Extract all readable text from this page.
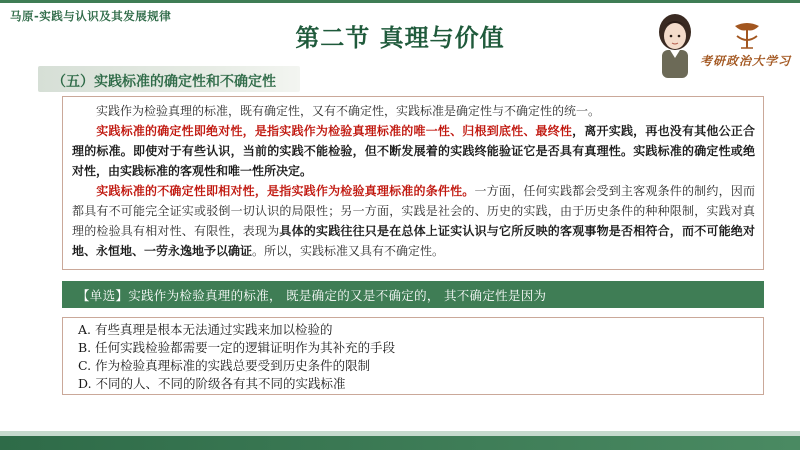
马原-实践与认识及其发展规律
第二节 真理与价值
考研政治大学习
（五）实践标准的确定性和不确定性

实践作为检验真理的标准，既有确定性，又有不确定性，实践标准是确定性与不确定性的统一。

实践标准的确定性即绝对性，是指实践作为检验真理标准的唯一性、归根到底性、最终性，离开实践，再也没有其他公正合理的标准。即使对于有些认识，当前的实践不能检验，但不断发展着的实践终能验证它是否具有真理性。实践标准的确定性或绝对性，由实践标准的客观性和唯一性所决定。

实践标准的不确定性即相对性，是指实践作为检验真理标准的条件性。一方面，任何实践都会受到主客观条件的制约，因而都具有不可能完全证实或驳倒一切认识的局限性；另一方面，实践是社会的、历史的实践，由于历史条件的种种限制，实践对真理的检验具有相对性、有限性，表现为具体的实践往往只是在总体上证实认识与它所反映的客观事物是否相符合，而不可能绝对地、永恒地、一劳永逸地予以确证。所以，实践标准又具有不确定性。

【单选】实践作为检验真理的标准， 既是确定的又是不确定的， 其不确定性是因为
A. 有些真理是根本无法通过实践来加以检验的
B. 任何实践检验都需要一定的逻辑证明作为其补充的手段
C. 作为检验真理标准的实践总要受到历史条件的限制
D. 不同的人、不同的阶级各有其不同的实践标准
